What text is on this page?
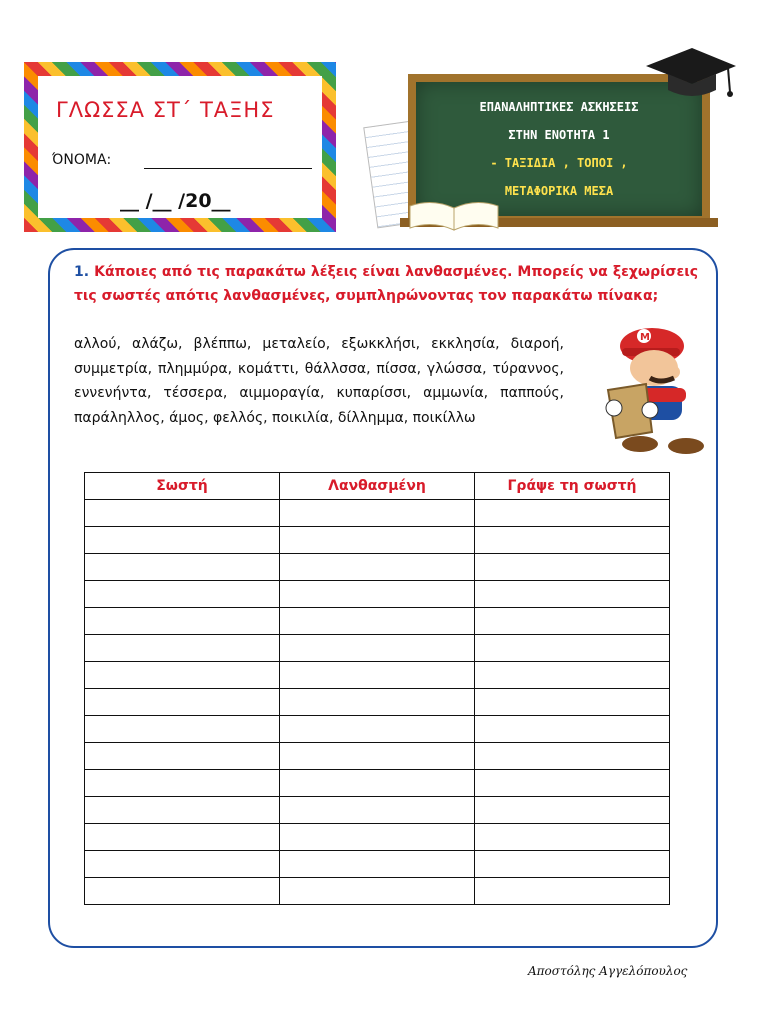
ΓΛΩΣΣΑ ΣΤ΄ ΤΑΞΗΣ
ΌΝΟΜΑ:
__ /__ /20__
ΕΠΑΝΑΛΗΠΤΙΚΕΣ ΑΣΚΗΣΕΙΣ
ΣΤΗΝ ΕΝΟΤΗΤΑ 1
- ΤΑΞΙΔΙΑ , ΤΟΠΟΙ ,
ΜΕΤΑΦΟΡΙΚΑ ΜΕΣΑ
1. Κάποιες από τις παρακάτω λέξεις είναι λανθασμένες. Μπορείς να ξεχωρίσεις τις σωστές απότις λανθασμένες, συμπληρώνοντας τον παρακάτω πίνακα;
αλλού, αλάζω, βλέππω, μεταλείο, εξωκκλήσι, εκκλησία, διαροή, συμμετρία, πλημμύρα, κομάττι, θάλλσσα, πίσσα, γλώσσα, τύραννος, εννενήντα, τέσσερα, αιμμοραγία, κυπαρίσσι, αμμωνία, παππούς, παράληλλος, άμος, φελλός, ποικιλία, δίλλημμα, ποικίλλω
M
Σωστή	Λανθασμένη	Γράψε τη σωστή

Αποστόλης Αγγελόπουλος
